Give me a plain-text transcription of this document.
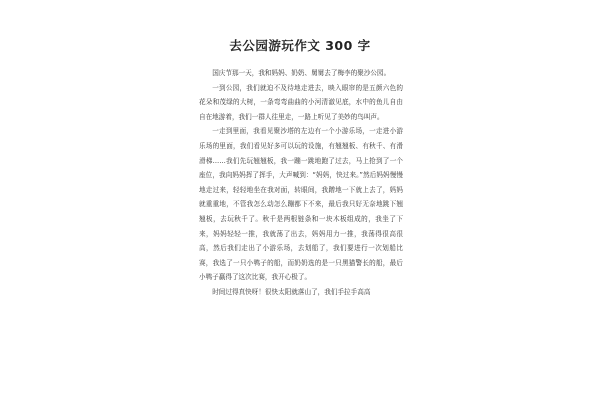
去公园游玩作文 300 字

国庆节那一天，我和妈妈、奶奶、舅舅去了梅李的聚沙公园。

一到公园，我们就迫不及待地走进去，映入眼帘的是五颜六色的花朵和茂绿的大树，一条弯弯曲曲的小河清澈见底，水中的鱼儿自由自在地游着，我们一群人往里走，一路上听见了美妙的鸟叫声。

一走到里面，我看见聚沙塔的左边有一个小游乐场，一走进小游乐场的里面，我们看见好多可以玩的设施，有翘翘板、有秋千、有滑滑梯……我们先玩翘翘板，我一蹦一跳地跑了过去，马上抢到了一个座位，我向妈妈挥了挥手，大声喊到：“妈妈，快过来。”然后妈妈慢慢地走过来，轻轻地坐在我对面，转眼间，我蹭地一下就上去了，妈妈就重重地，不管我怎么动怎么蹦都下不来，最后我只好无奈地跳下翘翘板，去玩秋千了。秋千是两根链条和一块木板组成的，我坐了下来，妈妈轻轻一推，我就荡了出去，妈妈用力一推，我荡得很高很高，然后我们走出了小游乐场，去划船了，我们要进行一次划船比赛，我选了一只小鸭子的船，而奶奶选的是一只黑猫警长的船，最后小鸭子赢得了这次比赛，我开心极了。

时间过得真快呀！很快太阳就落山了，我们手拉手高高
